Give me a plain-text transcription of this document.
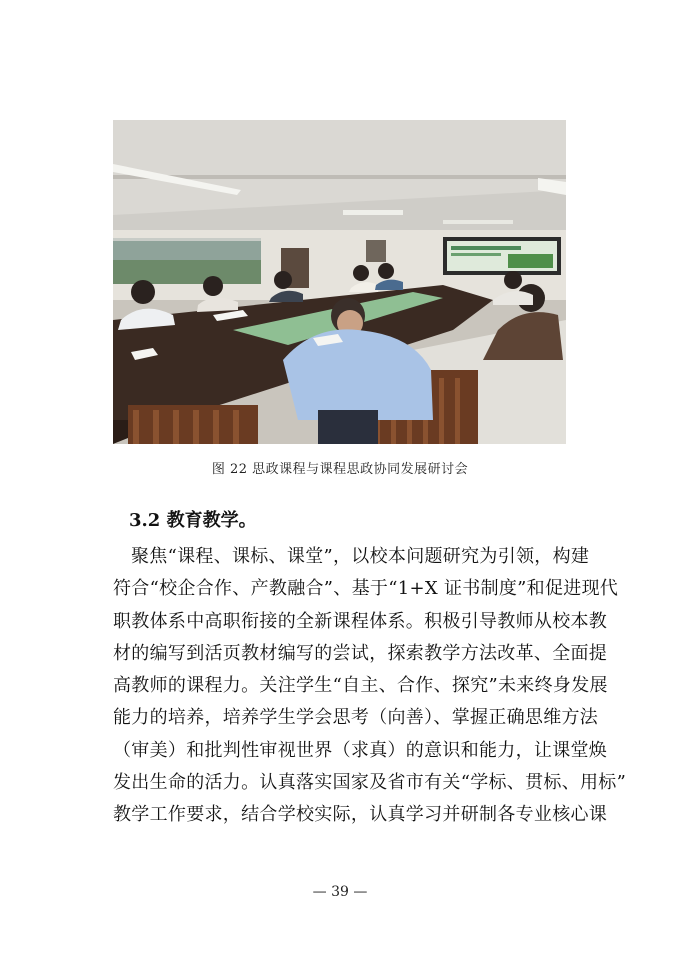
图 22 思政课程与课程思政协同发展研讨会
3.2 教育教学。
聚焦“课程、课标、课堂”，以校本问题研究为引领，构建
符合“校企合作、产教融合”、基于“1+X 证书制度”和促进现代
职教体系中高职衔接的全新课程体系。积极引导教师从校本教
材的编写到活页教材编写的尝试，探索教学方法改革、全面提
高教师的课程力。关注学生“自主、合作、探究”未来终身发展
能力的培养，培养学生学会思考（向善）、掌握正确思维方法
（审美）和批判性审视世界（求真）的意识和能力，让课堂焕
发出生命的活力。认真落实国家及省市有关“学标、贯标、用标”
教学工作要求，结合学校实际，认真学习并研制各专业核心课
— 39 —
